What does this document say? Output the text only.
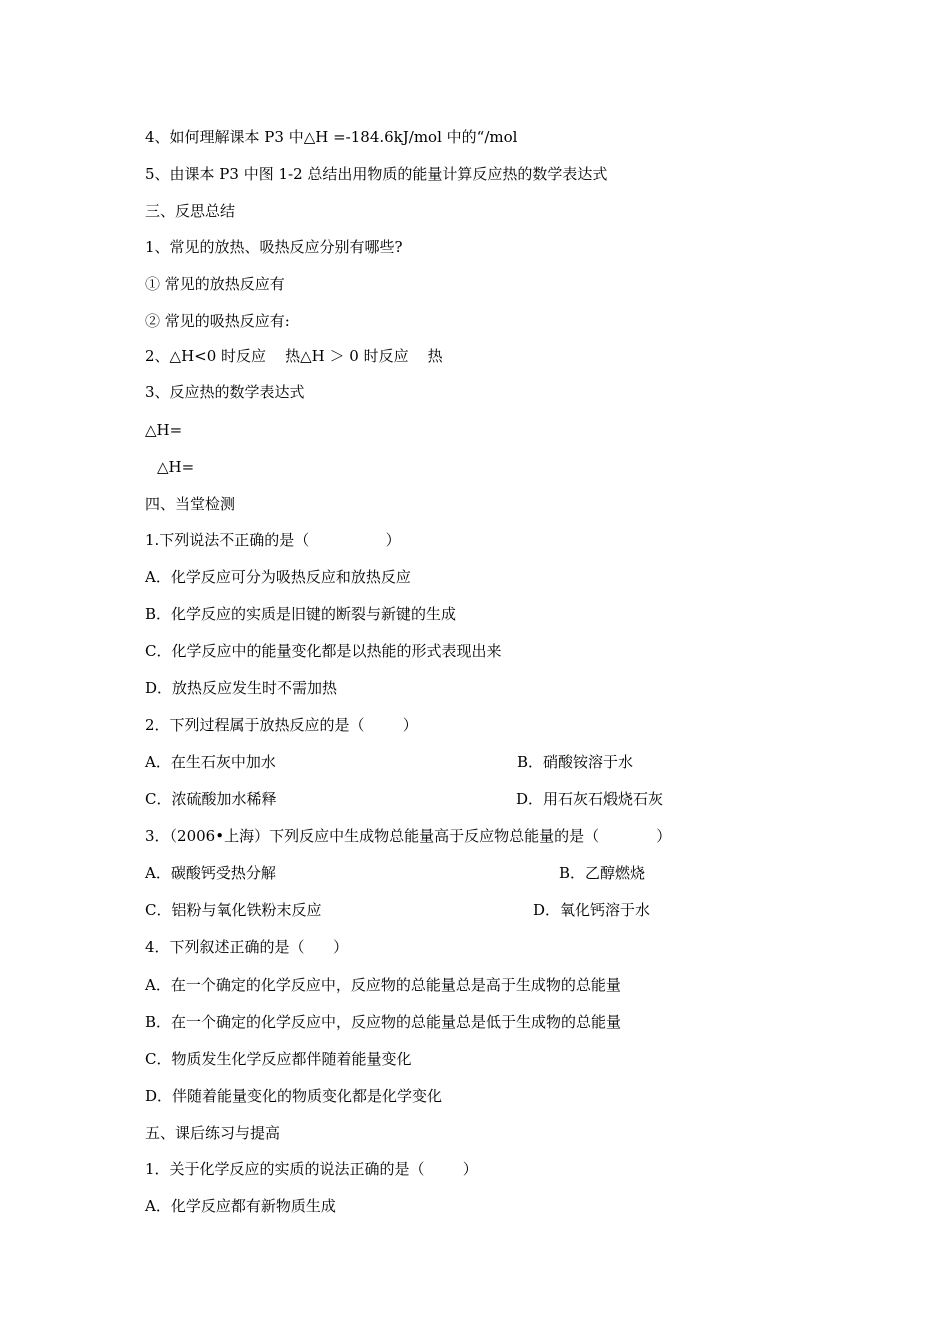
4、如何理解课本 P3 中△H =-184.6kJ/mol 中的“/mol
5、由课本 P3 中图 1-2 总结出用物质的能量计算反应热的数学表达式
三、反思总结
1、常见的放热、吸热反应分别有哪些?
① 常见的放热反应有
② 常见的吸热反应有:
2、△H<0 时反应    热△H ＞ 0 时反应    热
3、反应热的数学表达式
△H=
△H=
四、当堂检测
1.下列说法不正确的是（                ）
A．化学反应可分为吸热反应和放热反应
B．化学反应的实质是旧键的断裂与新键的生成
C．化学反应中的能量变化都是以热能的形式表现出来
D．放热反应发生时不需加热
2．下列过程属于放热反应的是（        ）
A．在生石灰中加水	B．硝酸铵溶于水
C．浓硫酸加水稀释	D．用石灰石煅烧石灰
3．（2006•上海）下列反应中生成物总能量高于反应物总能量的是（            ）
A．碳酸钙受热分解	B．乙醇燃烧
C．铝粉与氧化铁粉末反应	D．氧化钙溶于水
4．下列叙述正确的是（      ）
A．在一个确定的化学反应中，反应物的总能量总是高于生成物的总能量
B．在一个确定的化学反应中，反应物的总能量总是低于生成物的总能量
C．物质发生化学反应都伴随着能量变化
D．伴随着能量变化的物质变化都是化学变化
五、课后练习与提高
1．关于化学反应的实质的说法正确的是（        ）
A．化学反应都有新物质生成
